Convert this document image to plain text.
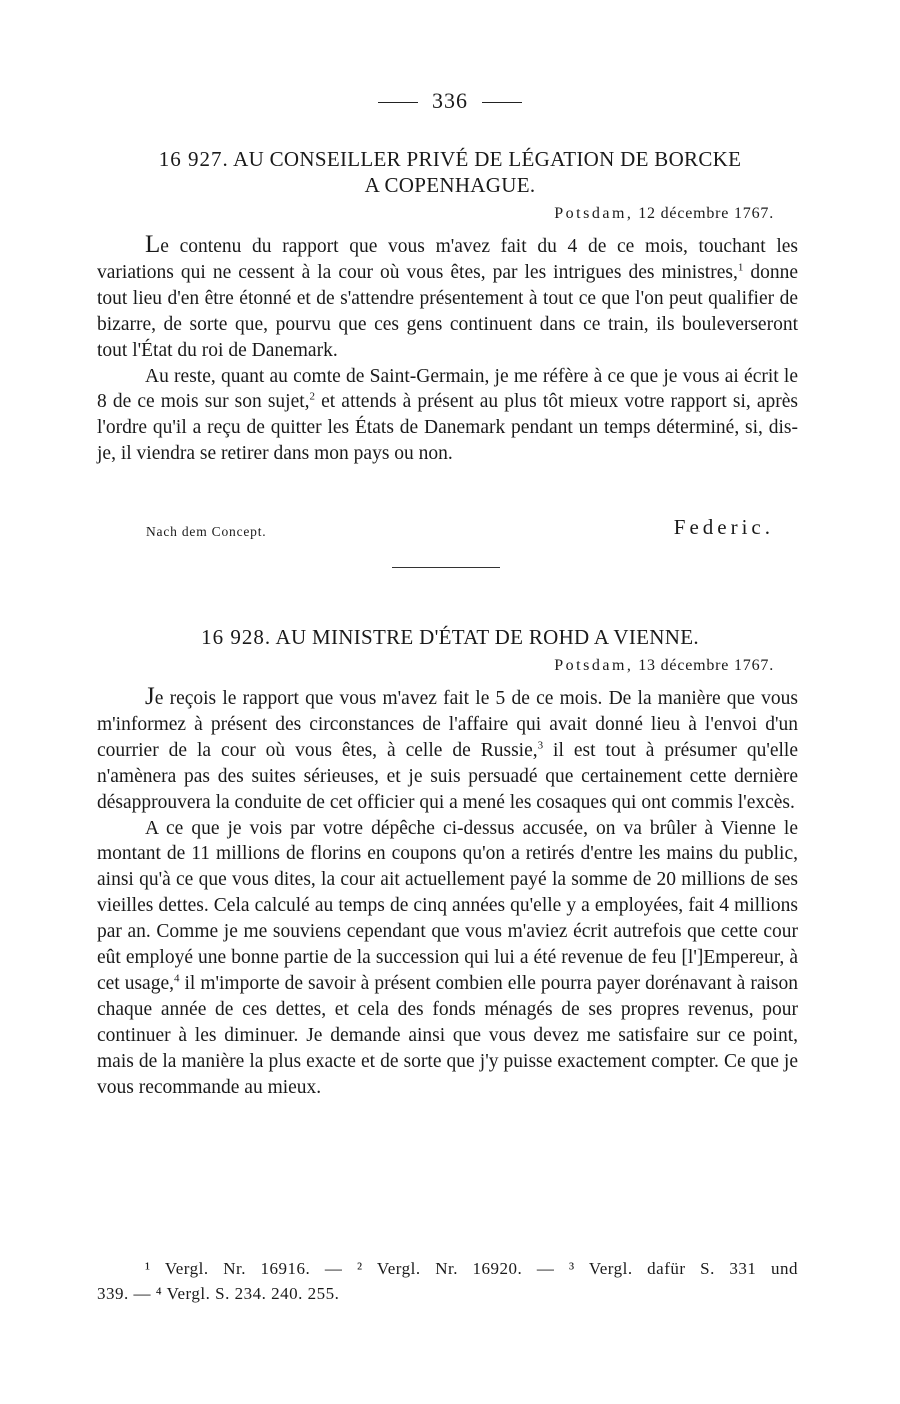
336
16 927. AU CONSEILLER PRIVÉ DE LÉGATION DE BORCKE
A COPENHAGUE.
Potsdam, 12 décembre 1767.

Le contenu du rapport que vous m'avez fait du 4 de ce mois, touchant les variations qui ne cessent à la cour où vous êtes, par les intrigues des ministres,$^1$ donne tout lieu d'en être étonné et de s'attendre présentement à tout ce que l'on peut qualifier de bizarre, de sorte que, pourvu que ces gens continuent dans ce train, ils bouleverseront tout l'État du roi de Danemark.

Au reste, quant au comte de Saint-Germain, je me réfère à ce que je vous ai écrit le 8 de ce mois sur son sujet,$^2$ et attends à présent au plus tôt mieux votre rapport si, après l'ordre qu'il a reçu de quitter les États de Danemark pendant un temps déterminé, si, dis-je, il viendra se retirer dans mon pays ou non.

Nach dem Concept.	Federic.
16 928. AU MINISTRE D'ÉTAT DE ROHD A VIENNE.
Potsdam, 13 décembre 1767.

Je reçois le rapport que vous m'avez fait le 5 de ce mois. De la manière que vous m'informez à présent des circonstances de l'affaire qui avait donné lieu à l'envoi d'un courrier de la cour où vous êtes, à celle de Russie,$^3$ il est tout à présumer qu'elle n'amènera pas des suites sérieuses, et je suis persuadé que certainement cette dernière désapprouvera la conduite de cet officier qui a mené les cosaques qui ont commis l'excès.

A ce que je vois par votre dépêche ci-dessus accusée, on va brûler à Vienne le montant de 11 millions de florins en coupons qu'on a retirés d'entre les mains du public, ainsi qu'à ce que vous dites, la cour ait actuellement payé la somme de 20 millions de ses vieilles dettes. Cela calculé au temps de cinq années qu'elle y a employées, fait 4 millions par an. Comme je me souviens cependant que vous m'aviez écrit autrefois que cette cour eût employé une bonne partie de la succession qui lui a été revenue de feu [l']Empereur, à cet usage,$^4$ il m'importe de savoir à présent combien elle pourra payer dorénavant à raison chaque année de ces dettes, et cela des fonds ménagés de ses propres revenus, pour continuer à les diminuer. Je demande ainsi que vous devez me satisfaire sur ce point, mais de la manière la plus exacte et de sorte que j'y puisse exactement compter. Ce que je vous recommande au mieux.

¹ Vergl. Nr. 16916. — ² Vergl. Nr. 16920. — ³ Vergl. dafür S. 331 und
339. — ⁴ Vergl. S. 234. 240. 255.
